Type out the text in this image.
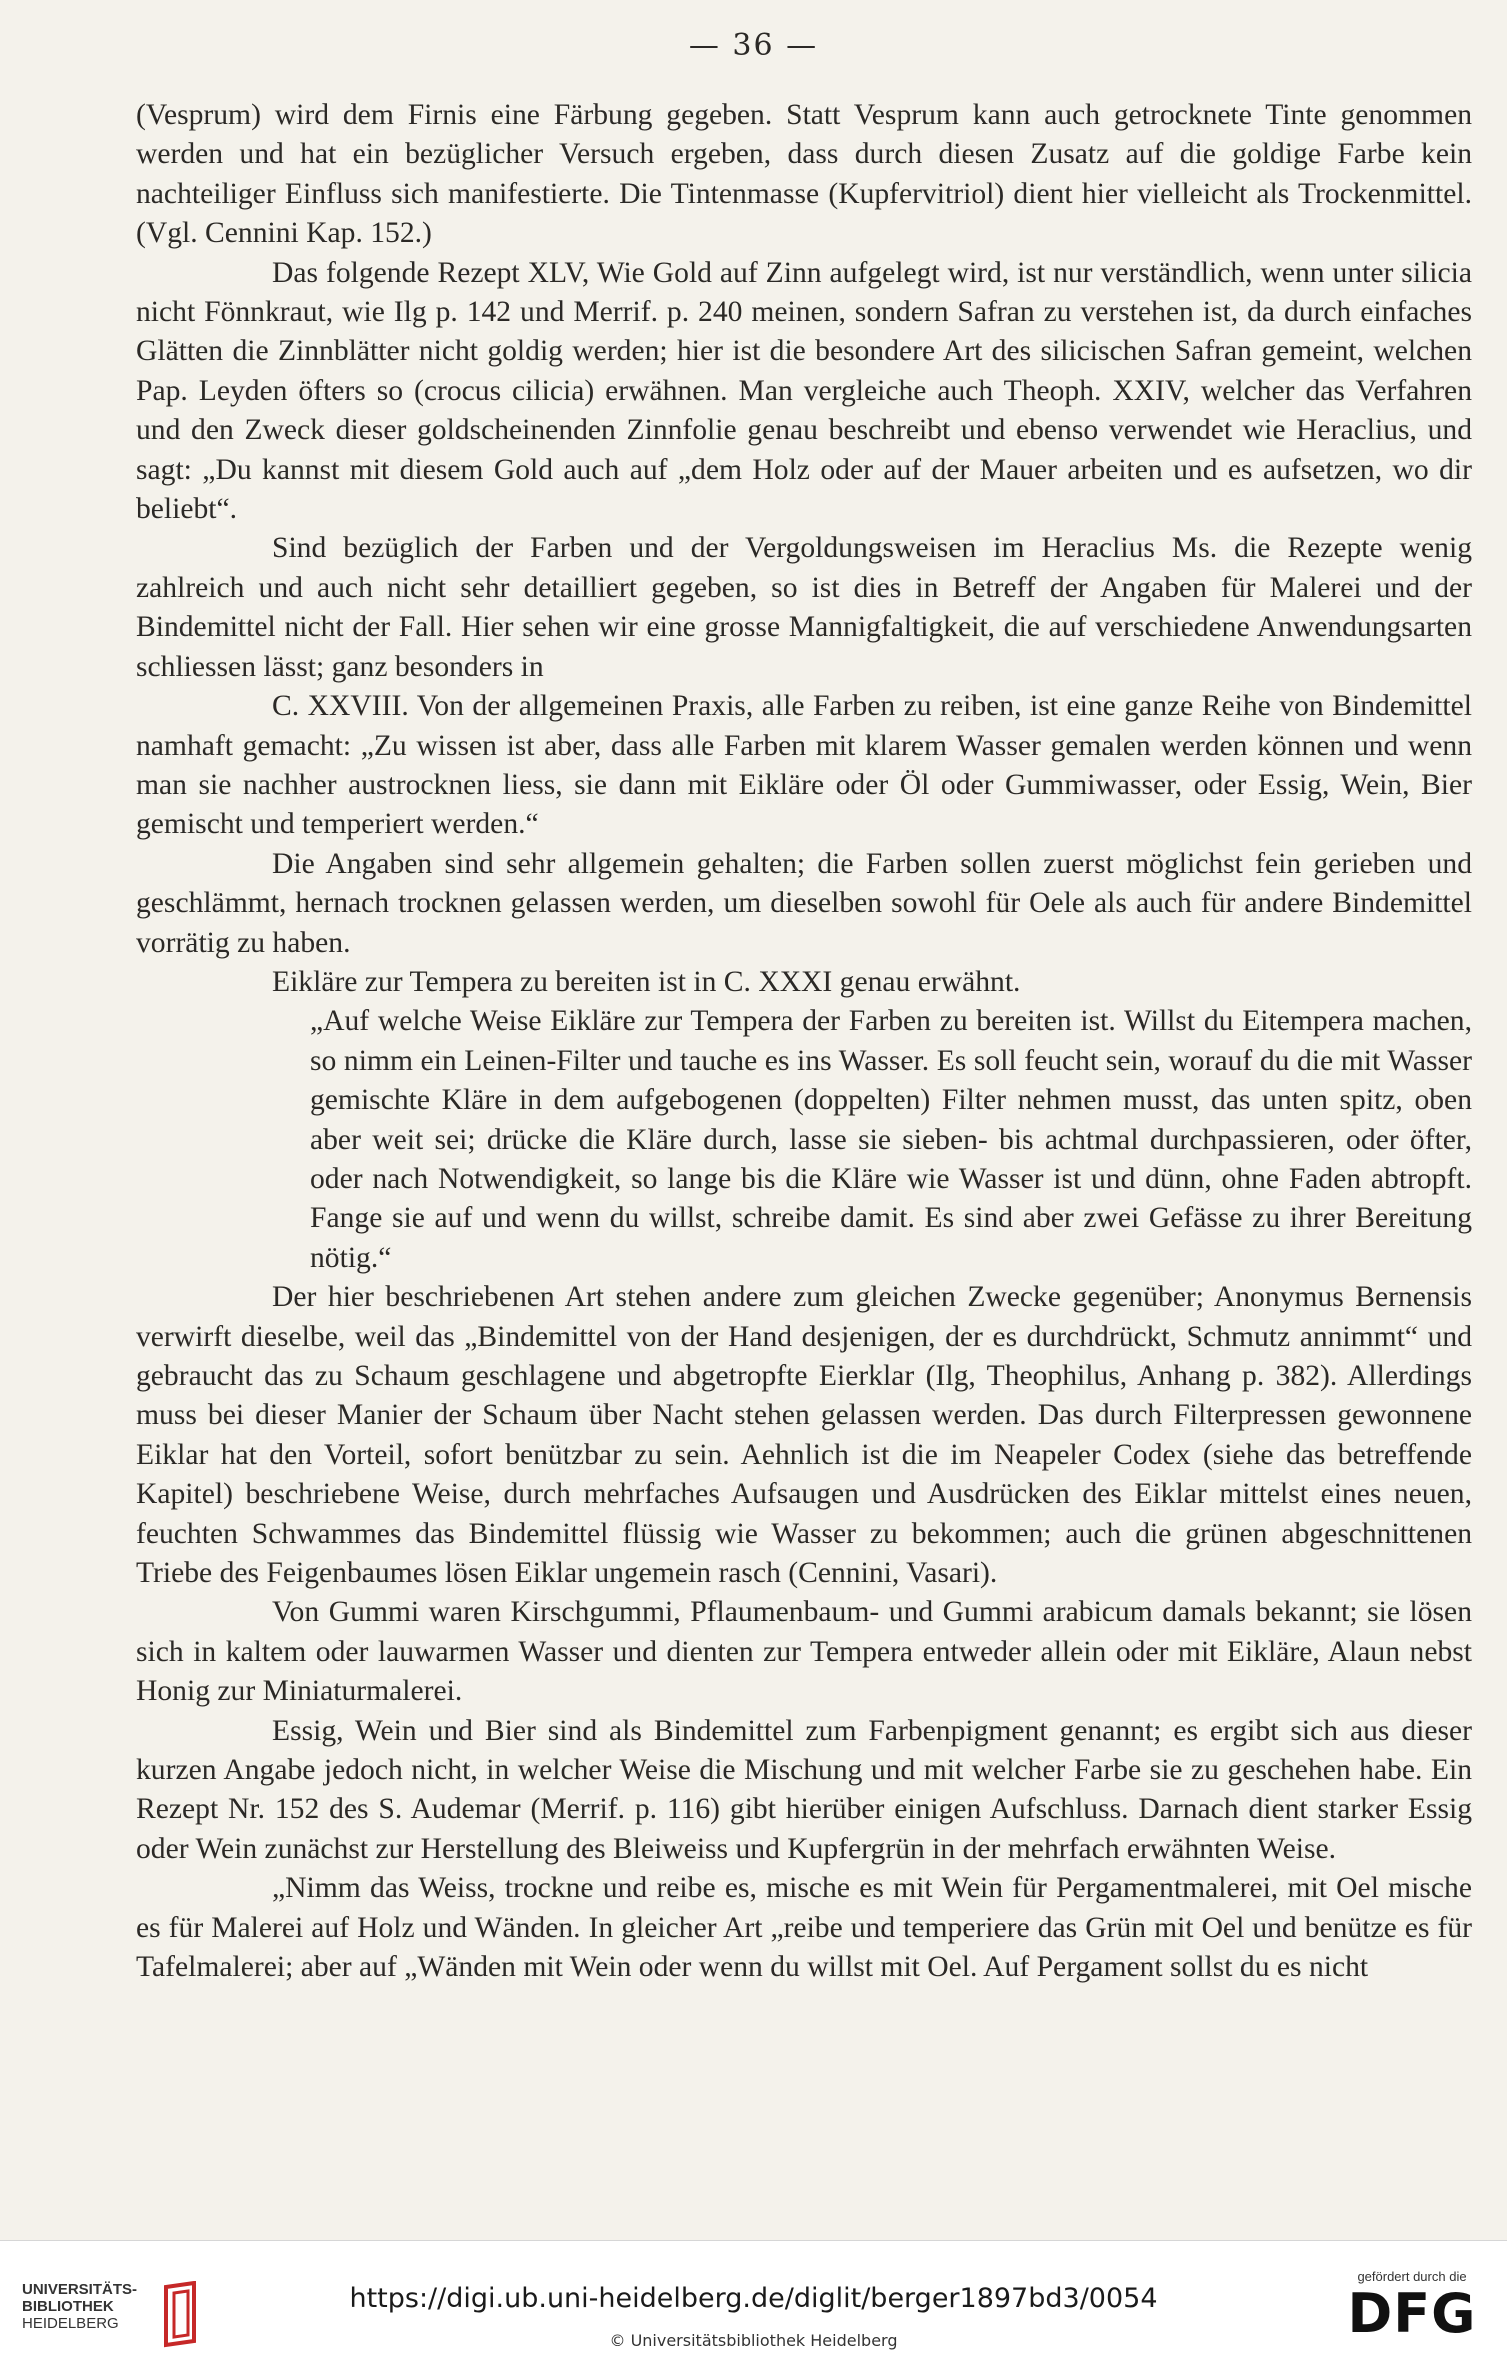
— 36 —

(Vesprum) wird dem Firnis eine Färbung gegeben. Statt Vesprum kann auch getrocknete Tinte genommen werden und hat ein bezüglicher Versuch ergeben, dass durch diesen Zusatz auf die goldige Farbe kein nachteiliger Einfluss sich manifestierte. Die Tintenmasse (Kupfervitriol) dient hier vielleicht als Trockenmittel. (Vgl. Cennini Kap. 152.)

Das folgende Rezept XLV, Wie Gold auf Zinn aufgelegt wird, ist nur verständlich, wenn unter silicia nicht Fönnkraut, wie Ilg p. 142 und Merrif. p. 240 meinen, sondern Safran zu verstehen ist, da durch einfaches Glätten die Zinnblätter nicht goldig werden; hier ist die besondere Art des silicischen Safran gemeint, welchen Pap. Leyden öfters so (crocus cilicia) erwähnen. Man vergleiche auch Theoph. XXIV, welcher das Verfahren und den Zweck dieser goldscheinenden Zinnfolie genau beschreibt und ebenso verwendet wie Heraclius, und sagt: „Du kannst mit diesem Gold auch auf „dem Holz oder auf der Mauer arbeiten und es aufsetzen, wo dir beliebt“.

Sind bezüglich der Farben und der Vergoldungsweisen im Heraclius Ms. die Rezepte wenig zahlreich und auch nicht sehr detailliert gegeben, so ist dies in Betreff der Angaben für Malerei und der Bindemittel nicht der Fall. Hier sehen wir eine grosse Mannigfaltigkeit, die auf verschiedene Anwendungsarten schliessen lässt; ganz besonders in

C. XXVIII. Von der allgemeinen Praxis, alle Farben zu reiben, ist eine ganze Reihe von Bindemittel namhaft gemacht: „Zu wissen ist aber, dass alle Farben mit klarem Wasser gemalen werden können und wenn man sie nachher austrocknen liess, sie dann mit Eikläre oder Öl oder Gummiwasser, oder Essig, Wein, Bier gemischt und temperiert werden.“

Die Angaben sind sehr allgemein gehalten; die Farben sollen zuerst möglichst fein gerieben und geschlämmt, hernach trocknen gelassen werden, um dieselben sowohl für Oele als auch für andere Bindemittel vorrätig zu haben.

Eikläre zur Tempera zu bereiten ist in C. XXXI genau erwähnt.

„Auf welche Weise Eikläre zur Tempera der Farben zu bereiten ist. Willst du Eitempera machen, so nimm ein Leinen-Filter und tauche es ins Wasser. Es soll feucht sein, worauf du die mit Wasser gemischte Kläre in dem aufgebogenen (doppelten) Filter nehmen musst, das unten spitz, oben aber weit sei; drücke die Kläre durch, lasse sie sieben- bis achtmal durchpassieren, oder öfter, oder nach Notwendigkeit, so lange bis die Kläre wie Wasser ist und dünn, ohne Faden abtropft. Fange sie auf und wenn du willst, schreibe damit. Es sind aber zwei Gefässe zu ihrer Bereitung nötig.“

Der hier beschriebenen Art stehen andere zum gleichen Zwecke gegenüber; Anonymus Bernensis verwirft dieselbe, weil das „Bindemittel von der Hand desjenigen, der es durchdrückt, Schmutz annimmt“ und gebraucht das zu Schaum geschlagene und abgetropfte Eierklar (Ilg, Theophilus, Anhang p. 382). Allerdings muss bei dieser Manier der Schaum über Nacht stehen gelassen werden. Das durch Filterpressen gewonnene Eiklar hat den Vorteil, sofort benützbar zu sein. Aehnlich ist die im Neapeler Codex (siehe das betreffende Kapitel) beschriebene Weise, durch mehrfaches Aufsaugen und Ausdrücken des Eiklar mittelst eines neuen, feuchten Schwammes das Bindemittel flüssig wie Wasser zu bekommen; auch die grünen abgeschnittenen Triebe des Feigenbaumes lösen Eiklar ungemein rasch (Cennini, Vasari).

Von Gummi waren Kirschgummi, Pflaumenbaum- und Gummi arabicum damals bekannt; sie lösen sich in kaltem oder lauwarmen Wasser und dienten zur Tempera entweder allein oder mit Eikläre, Alaun nebst Honig zur Miniaturmalerei.

Essig, Wein und Bier sind als Bindemittel zum Farbenpigment genannt; es ergibt sich aus dieser kurzen Angabe jedoch nicht, in welcher Weise die Mischung und mit welcher Farbe sie zu geschehen habe. Ein Rezept Nr. 152 des S. Audemar (Merrif. p. 116) gibt hierüber einigen Aufschluss. Darnach dient starker Essig oder Wein zunächst zur Herstellung des Bleiweiss und Kupfergrün in der mehrfach erwähnten Weise.

„Nimm das Weiss, trockne und reibe es, mische es mit Wein für Pergamentmalerei, mit Oel mische es für Malerei auf Holz und Wänden. In gleicher Art „reibe und temperiere das Grün mit Oel und benütze es für Tafelmalerei; aber auf „Wänden mit Wein oder wenn du willst mit Oel. Auf Pergament sollst du es nicht

UNIVERSITÄTS-
BIBLIOTHEK
HEIDELBERG
https://digi.ub.uni-heidelberg.de/diglit/berger1897bd3/0054
© Universitätsbibliothek Heidelberg
gefördert durch die
DFG
